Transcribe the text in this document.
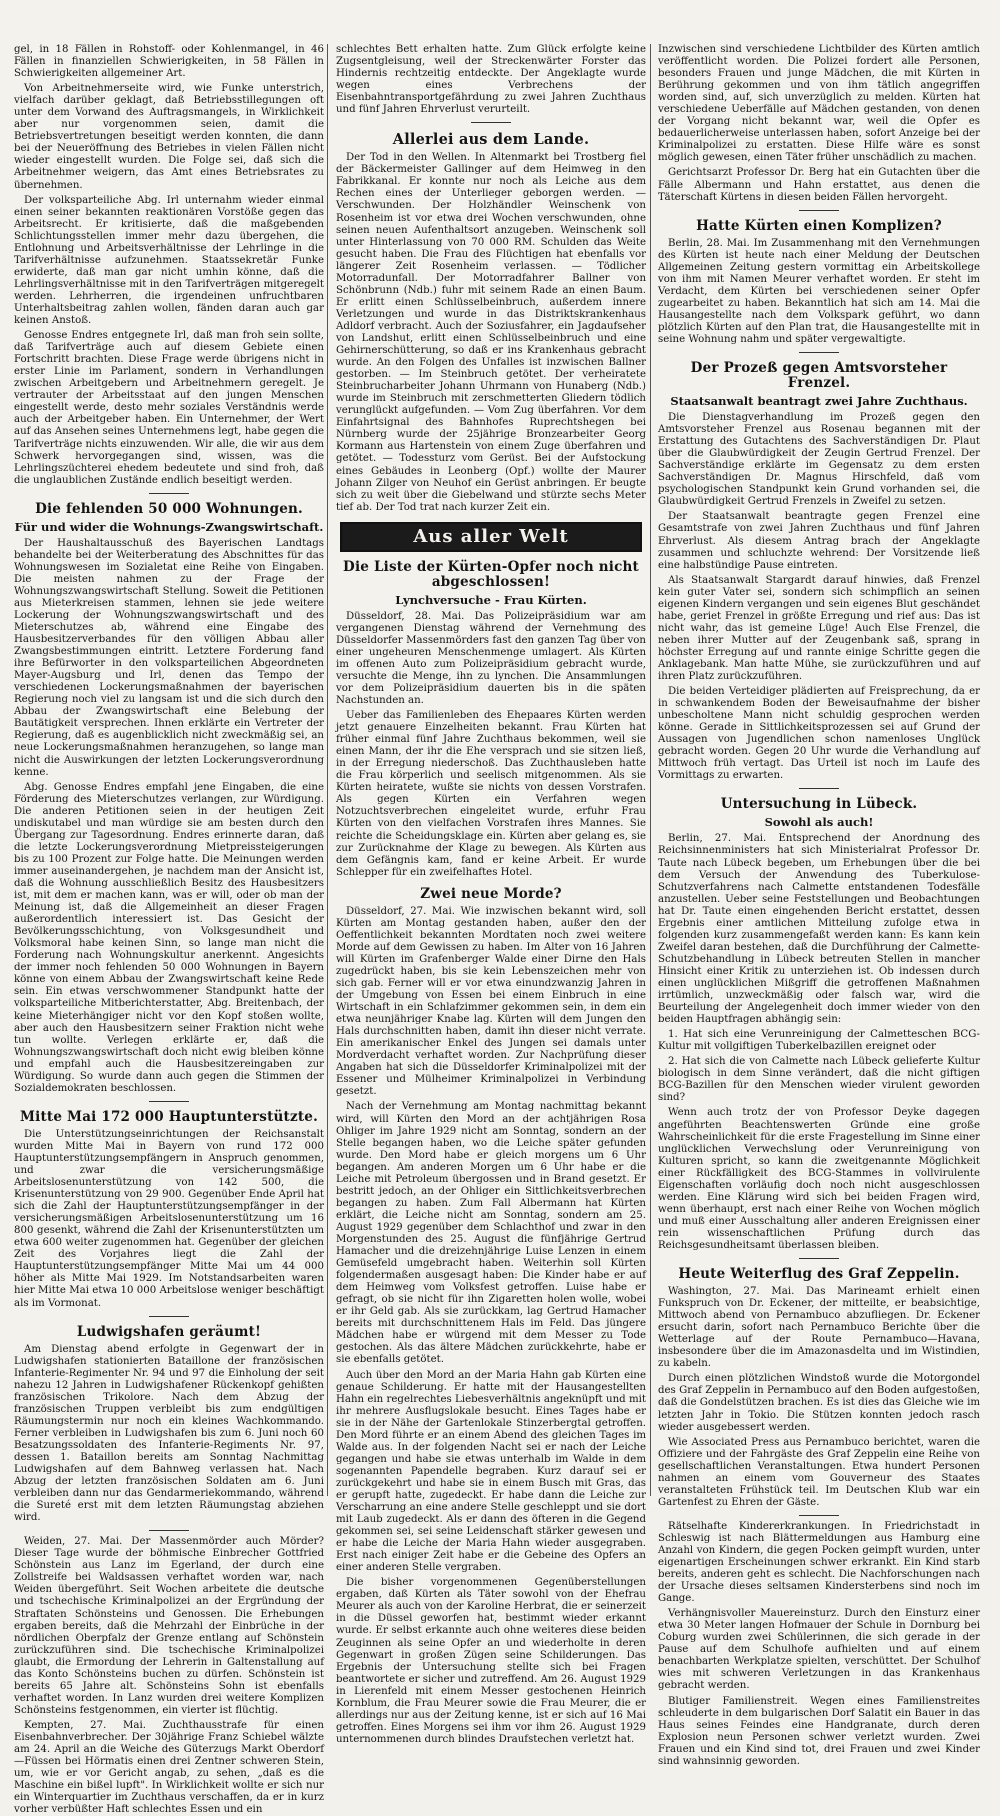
gel, in 18 Fällen in Rohstoff- oder Kohlenmangel, in 46 Fällen in finanziellen Schwierigkeiten, in 58 Fällen in Schwierigkeiten allgemeiner Art.

Von Arbeitnehmerseite wird, wie Funke unterstrich, vielfach darüber geklagt, daß Betriebsstillegungen oft unter dem Vorwand des Auftragsmangels, in Wirklichkeit aber nur vorgenommen seien, damit die Betriebsvertretungen beseitigt werden konnten, die dann bei der Neueröffnung des Betriebes in vielen Fällen nicht wieder eingestellt wurden. Die Folge sei, daß sich die Arbeitnehmer weigern, das Amt eines Betriebsrates zu übernehmen.

Der volksparteiliche Abg. Irl unternahm wieder einmal einen seiner bekannten reaktionären Vorstöße gegen das Arbeitsrecht. Er kritisierte, daß die maßgebenden Schlichtungsstellen immer mehr dazu übergehen, die Entlohnung und Arbeitsverhältnisse der Lehrlinge in die Tarifverhältnisse aufzunehmen. Staatssekretär Funke erwiderte, daß man gar nicht umhin könne, daß die Lehrlingsverhältnisse mit in den Tarifverträgen mitgeregelt werden. Lehrherren, die irgendeinen unfruchtbaren Unterhaltsbeitrag zahlen wollen, fänden daran auch gar keinen Anstoß.

Genosse Endres entgegnete Irl, daß man froh sein sollte, daß Tarifverträge auch auf diesem Gebiete einen Fortschritt brachten. Diese Frage werde übrigens nicht in erster Linie im Parlament, sondern in Verhandlungen zwischen Arbeitgebern und Arbeitnehmern geregelt. Je vertrauter der Arbeitsstaat auf den jungen Menschen eingestellt werde, desto mehr soziales Verständnis werde auch der Arbeitgeber haben. Ein Unternehmer, der Wert auf das Ansehen seines Unternehmens legt, habe gegen die Tarifverträge nichts einzuwenden. Wir alle, die wir aus dem Schwerk hervorgegangen sind, wissen, was die Lehrlingszüchterei ehedem bedeutete und sind froh, daß die unglaublichen Zustände endlich beseitigt werden.

Die fehlenden 50 000 Wohnungen.
Für und wider die Wohnungs-Zwangswirtschaft.

Der Haushaltausschuß des Bayerischen Landtags behandelte bei der Weiterberatung des Abschnittes für das Wohnungswesen im Sozialetat eine Reihe von Eingaben. Die meisten nahmen zu der Frage der Wohnungszwangswirtschaft Stellung. Soweit die Petitionen aus Mieterkreisen stammen, lehnen sie jede weitere Lockerung der Wohnungszwangswirtschaft und des Mieterschutzes ab, während eine Eingabe des Hausbesitzerverbandes für den völligen Abbau aller Zwangsbestimmungen eintritt. Letztere Forderung fand ihre Befürworter in den volksparteilichen Abgeordneten Mayer-Augsburg und Irl, denen das Tempo der verschiedenen Lockerungsmaßnahmen der bayerischen Regierung noch viel zu langsam ist und die sich durch den Abbau der Zwangswirtschaft eine Belebung der Bautätigkeit versprechen. Ihnen erklärte ein Vertreter der Regierung, daß es augenblicklich nicht zweckmäßig sei, an neue Lockerungsmaßnahmen heranzugehen, so lange man nicht die Auswirkungen der letzten Lockerungsverordnung kenne.

Abg. Genosse Endres empfahl jene Eingaben, die eine Förderung des Mieterschutzes verlangen, zur Würdigung. Die anderen Petitionen seien in der heutigen Zeit undiskutabel und man würdige sie am besten durch den Übergang zur Tagesordnung. Endres erinnerte daran, daß die letzte Lockerungsverordnung Mietpreissteigerungen bis zu 100 Prozent zur Folge hatte. Die Meinungen werden immer auseinandergehen, je nachdem man der Ansicht ist, daß die Wohnung ausschließlich Besitz des Hausbesitzers ist, mit dem er machen kann, was er will, oder ob man der Meinung ist, daß die Allgemeinheit an dieser Fragen außerordentlich interessiert ist. Das Gesicht der Bevölkerungsschichtung, von Volksgesundheit und Volksmoral habe keinen Sinn, so lange man nicht die Forderung nach Wohnungskultur anerkennt. Angesichts der immer noch fehlenden 50 000 Wohnungen in Bayern könne von einem Abbau der Zwangswirtschaft keine Rede sein. Ein etwas verschwommener Standpunkt hatte der volksparteiliche Mitberichterstatter, Abg. Breitenbach, der keine Mieterhängiger nicht vor den Kopf stoßen wollte, aber auch den Hausbesitzern seiner Fraktion nicht wehe tun wollte. Verlegen erklärte er, daß die Wohnungszwangswirtschaft doch nicht ewig bleiben könne und empfahl auch die Hausbesitzereingaben zur Würdigung. So wurde dann auch gegen die Stimmen der Sozialdemokraten beschlossen.

Mitte Mai 172 000 Hauptunterstützte.

Die Unterstützungseinrichtungen der Reichsanstalt wurden Mitte Mai in Bayern von rund 172 000 Hauptunterstützungsempfängern in Anspruch genommen, und zwar die versicherungsmäßige Arbeitslosenunterstützung von 142 500, die Krisenunterstützung von 29 900. Gegenüber Ende April hat sich die Zahl der Hauptunterstützungsempfänger in der versicherungsmäßigen Arbeitslosenunterstützung um 16 800 gesenkt, während die Zahl der Krisenunterstützten um etwa 600 weiter zugenommen hat. Gegenüber der gleichen Zeit des Vorjahres liegt die Zahl der Hauptunterstützungsempfänger Mitte Mai um 44 000 höher als Mitte Mai 1929. Im Notstandsarbeiten waren hier Mitte Mai etwa 10 000 Arbeitslose weniger beschäftigt als im Vormonat.

Ludwigshafen geräumt!

Am Dienstag abend erfolgte in Gegenwart der in Ludwigshafen stationierten Bataillone der französischen Infanterie-Regimenter Nr. 94 und 97 die Einholung der seit nahezu 12 Jahren in Ludwigshafener Rückenkopf gehißten französischen Trikolore. Nach dem Abzug der französischen Truppen verbleibt bis zum endgültigen Räumungstermin nur noch ein kleines Wachkommando. Ferner verbleiben in Ludwigshafen bis zum 6. Juni noch 60 Besatzungssoldaten des Infanterie-Regiments Nr. 97, dessen 1. Bataillon bereits am Sonntag Nachmittag Ludwigshafen auf dem Bahnweg verlassen hat. Nach Abzug der letzten französischen Soldaten am 6. Juni verbleiben dann nur das Gendarmeriekommando, während die Sureté erst mit dem letzten Räumungstag abziehen wird.

Weiden, 27. Mai. Der Massenmörder auch Mörder? Dieser Tage wurde der böhmische Einbrecher Gottfried Schönstein aus Lanz im Egerland, der durch eine Zollstreife bei Waldsassen verhaftet worden war, nach Weiden übergeführt. Seit Wochen arbeitete die deutsche und tschechische Kriminalpolizei an der Ergründung der Straftaten Schönsteins und Genossen. Die Erhebungen ergaben bereits, daß die Mehrzahl der Einbrüche in der nördlichen Oberpfalz der Grenze entlang auf Schönstein zurückzuführen sind. Die tschechische Kriminalpolizei glaubt, die Ermordung der Lehrerin in Galtenstallung auf das Konto Schönsteins buchen zu dürfen. Schönstein ist bereits 65 Jahre alt. Schönsteins Sohn ist ebenfalls verhaftet worden. In Lanz wurden drei weitere Komplizen Schönsteins festgenommen, ein vierter ist flüchtig.

Kempten, 27. Mai. Zuchthausstrafe für einen Eisenbahnverbrecher. Der 30jährige Franz Schiebel wälzte am 24. April an die Weiche des Güterzugs Markt Oberdorf—Füssen bei Hörmatis einen drei Zentner schweren Stein, um, wie er vor Gericht angab, zu sehen, „daß es die Maschine ein bißel lupft". In Wirklichkeit wollte er sich nur ein Winterquartier im Zuchthaus verschaffen, da er in kurz vorher verbüßter Haft schlechtes Essen und ein

schlechtes Bett erhalten hatte. Zum Glück erfolgte keine Zugsentgleisung, weil der Streckenwärter Forster das Hindernis rechtzeitig entdeckte. Der Angeklagte wurde wegen eines Verbrechens der Eisenbahntransportgefährdung zu zwei Jahren Zuchthaus und fünf Jahren Ehrverlust verurteilt.

Allerlei aus dem Lande.

Der Tod in den Wellen. In Altenmarkt bei Trostberg fiel der Bäckermeister Gallinger auf dem Heimweg in den Fabrikkanal. Er konnte nur noch als Leiche aus dem Rechen eines der Unterlieger geborgen werden. — Verschwunden. Der Holzhändler Weinschenk von Rosenheim ist vor etwa drei Wochen verschwunden, ohne seinen neuen Aufenthaltsort anzugeben. Weinschenk soll unter Hinterlassung von 70 000 RM. Schulden das Weite gesucht haben. Die Frau des Flüchtigen hat ebenfalls vor längerer Zeit Rosenheim verlassen. — Tödlicher Motorradunfall. Der Motorradfahrer Ballner von Schönbrunn (Ndb.) fuhr mit seinem Rade an einen Baum. Er erlitt einen Schlüsselbeinbruch, außerdem innere Verletzungen und wurde in das Distriktskrankenhaus Adldorf verbracht. Auch der Soziusfahrer, ein Jagdaufseher von Landshut, erlitt einen Schlüsselbeinbruch und eine Gehirnerschütterung, so daß er ins Krankenhaus gebracht wurde. An den Folgen des Unfalles ist inzwischen Ballner gestorben. — Im Steinbruch getötet. Der verheiratete Steinbrucharbeiter Johann Uhrmann von Hunaberg (Ndb.) wurde im Steinbruch mit zerschmetterten Gliedern tödlich verunglückt aufgefunden. — Vom Zug überfahren. Vor dem Einfahrtsignal des Bahnhofes Ruprechtshegen bei Nürnberg wurde der 25jährige Bronzearbeiter Georg Kormann aus Hartenstein von einem Zuge überfahren und getötet. — Todessturz vom Gerüst. Bei der Aufstockung eines Gebäudes in Leonberg (Opf.) wollte der Maurer Johann Zilger von Neuhof ein Gerüst anbringen. Er beugte sich zu weit über die Giebelwand und stürzte sechs Meter tief ab. Der Tod trat nach kurzer Zeit ein.

Aus aller Welt
Die Liste der Kürten-Opfer noch nicht abgeschlossen!
Lynchversuche - Frau Kürten.

Düsseldorf, 28. Mai. Das Polizeipräsidium war am vergangenen Dienstag während der Vernehmung des Düsseldorfer Massenmörders fast den ganzen Tag über von einer ungeheuren Menschenmenge umlagert. Als Kürten im offenen Auto zum Polizeipräsidium gebracht wurde, versuchte die Menge, ihn zu lynchen. Die Ansammlungen vor dem Polizeipräsidium dauerten bis in die späten Nachstunden an.

Ueber das Familienleben des Ehepaares Kürten werden jetzt genauere Einzelheiten bekannt. Frau Kürten hat früher einmal fünf Jahre Zuchthaus bekommen, weil sie einen Mann, der ihr die Ehe versprach und sie sitzen ließ, in der Erregung niederschoß. Das Zuchthausleben hatte die Frau körperlich und seelisch mitgenommen. Als sie Kürten heiratete, wußte sie nichts von dessen Vorstrafen. Als gegen Kürten ein Verfahren wegen Notzuchtsverbrechen eingeleitet wurde, erfuhr Frau Kürten von den vielfachen Vorstrafen ihres Mannes. Sie reichte die Scheidungsklage ein. Kürten aber gelang es, sie zur Zurücknahme der Klage zu bewegen. Als Kürten aus dem Gefängnis kam, fand er keine Arbeit. Er wurde Schlepper für ein zweifelhaftes Hotel.

Zwei neue Morde?

Düsseldorf, 27. Mai. Wie inzwischen bekannt wird, soll Kürten am Montag gestanden haben, außer den der Oeffentlichkeit bekannten Mordtaten noch zwei weitere Morde auf dem Gewissen zu haben. Im Alter von 16 Jahren will Kürten im Grafenberger Walde einer Dirne den Hals zugedrückt haben, bis sie kein Lebenszeichen mehr von sich gab. Ferner will er vor etwa einundzwanzig Jahren in der Umgebung von Essen bei einem Einbruch in eine Wirtschaft in ein Schlafzimmer gekommen sein, in dem ein etwa neunjähriger Knabe lag. Kürten will dem Jungen den Hals durchschnitten haben, damit ihn dieser nicht verrate. Ein amerikanischer Enkel des Jungen sei damals unter Mordverdacht verhaftet worden. Zur Nachprüfung dieser Angaben hat sich die Düsseldorfer Kriminalpolizei mit der Essener und Mülheimer Kriminalpolizei in Verbindung gesetzt.

Nach der Vernehmung am Montag nachmittag bekannt wird, will Kürten den Mord an der achtjährigen Rosa Ohliger im Jahre 1929 nicht am Sonntag, sondern an der Stelle begangen haben, wo die Leiche später gefunden wurde. Den Mord habe er gleich morgens um 6 Uhr begangen. Am anderen Morgen um 6 Uhr habe er die Leiche mit Petroleum übergossen und in Brand gesetzt. Er bestritt jedoch, an der Ohliger ein Sittlichkeitsverbrechen begangen zu haben. Zum Fall Albermann hat Kürten erklärt, die Leiche nicht am Sonntag, sondern am 25. August 1929 gegenüber dem Schlachthof und zwar in den Morgenstunden des 25. August die fünfjährige Gertrud Hamacher und die dreizehnjährige Luise Lenzen in einem Gemüsefeld umgebracht haben. Weiterhin soll Kürten folgendermaßen ausgesagt haben: Die Kinder habe er auf dem Heimweg vom Volksfest getroffen. Luise habe er gefragt, ob sie nicht für ihn Zigaretten holen wolle, wobei er ihr Geld gab. Als sie zurückkam, lag Gertrud Hamacher bereits mit durchschnittenem Hals im Feld. Das jüngere Mädchen habe er würgend mit dem Messer zu Tode gestochen. Als das ältere Mädchen zurückkehrte, habe er sie ebenfalls getötet.

Auch über den Mord an der Maria Hahn gab Kürten eine genaue Schilderung. Er hatte mit der Hausangestellten Hahn ein regelrechtes Liebesverhältnis angeknüpft und mit ihr mehrere Ausflugslokale besucht. Eines Tages habe er sie in der Nähe der Gartenlokale Stinzerbergtal getroffen. Den Mord führte er an einem Abend des gleichen Tages im Walde aus. In der folgenden Nacht sei er nach der Leiche gegangen und habe sie etwas unterhalb im Walde in dem sogenannten Papendelle begraben. Kurz darauf sei er zurückgekehrt und habe sie in einem Busch mit Gras, das er gerupft hatte, zugedeckt. Er habe dann die Leiche zur Verscharrung an eine andere Stelle geschleppt und sie dort mit Laub zugedeckt. Als er dann des öfteren in die Gegend gekommen sei, sei seine Leidenschaft stärker gewesen und er habe die Leiche der Maria Hahn wieder ausgegraben. Erst nach einiger Zeit habe er die Gebeine des Opfers an einer anderen Stelle vergraben.

Die bisher vorgenommenen Gegenüberstellungen ergaben, daß Kürten als Täter sowohl von der Ehefrau Meurer als auch von der Karoline Herbrat, die er seinerzeit in die Düssel geworfen hat, bestimmt wieder erkannt wurde. Er selbst erkannte auch ohne weiteres diese beiden Zeuginnen als seine Opfer an und wiederholte in deren Gegenwart in großen Zügen seine Schilderungen. Das Ergebnis der Untersuchung stellte sich bei Fragen beantwortete er sicher und zutreffend. Am 26. August 1929 in Lierenfeld mit einem Messer gestochenen Heinrich Kornblum, die Frau Meurer sowie die Frau Meurer, die er allerdings nur aus der Zeitung kenne, ist er sich auf 16 Mai getroffen. Eines Morgens sei ihm vor ihm 26. August 1929 unternommenen durch blindes Draufstechen verletzt hat.

Inzwischen sind verschiedene Lichtbilder des Kürten amtlich veröffentlicht worden. Die Polizei fordert alle Personen, besonders Frauen und junge Mädchen, die mit Kürten in Berührung gekommen und von ihm tätlich angegriffen worden sind, auf, sich unverzüglich zu melden. Kürten hat verschiedene Ueberfälle auf Mädchen gestanden, von denen der Vorgang nicht bekannt war, weil die Opfer es bedauerlicherweise unterlassen haben, sofort Anzeige bei der Kriminalpolizei zu erstatten. Diese Hilfe wäre es sonst möglich gewesen, einen Täter früher unschädlich zu machen.

Gerichtsarzt Professor Dr. Berg hat ein Gutachten über die Fälle Albermann und Hahn erstattet, aus denen die Täterschaft Kürtens in diesen beiden Fällen hervorgeht.

Hatte Kürten einen Komplizen?

Berlin, 28. Mai. Im Zusammenhang mit den Vernehmungen des Kürten ist heute nach einer Meldung der Deutschen Allgemeinen Zeitung gestern vormittag ein Arbeitskollege von ihm mit Namen Meurer verhaftet worden. Er steht im Verdacht, dem Kürten bei verschiedenen seiner Opfer zugearbeitet zu haben. Bekanntlich hat sich am 14. Mai die Hausangestellte nach dem Volkspark geführt, wo dann plötzlich Kürten auf den Plan trat, die Hausangestellte mit in seine Wohnung nahm und später vergewaltigte.

Der Prozeß gegen Amtsvorsteher Frenzel.
Staatsanwalt beantragt zwei Jahre Zuchthaus.

Die Dienstagverhandlung im Prozeß gegen den Amtsvorsteher Frenzel aus Rosenau begannen mit der Erstattung des Gutachtens des Sachverständigen Dr. Plaut über die Glaubwürdigkeit der Zeugin Gertrud Frenzel. Der Sachverständige erklärte im Gegensatz zu dem ersten Sachverständigen Dr. Magnus Hirschfeld, daß vom psychologischen Standpunkt kein Grund vorhanden sei, die Glaubwürdigkeit Gertrud Frenzels in Zweifel zu setzen.

Der Staatsanwalt beantragte gegen Frenzel eine Gesamtstrafe von zwei Jahren Zuchthaus und fünf Jahren Ehrverlust. Als diesem Antrag brach der Angeklagte zusammen und schluchzte wehrend: Der Vorsitzende ließ eine halbstündige Pause eintreten.

Als Staatsanwalt Stargardt darauf hinwies, daß Frenzel kein guter Vater sei, sondern sich schimpflich an seinen eigenen Kindern vergangen und sein eigenes Blut geschändet habe, geriet Frenzel in größte Erregung und rief aus: Das ist nicht wahr, das ist gemeine Lüge! Auch Else Frenzel, die neben ihrer Mutter auf der Zeugenbank saß, sprang in höchster Erregung auf und rannte einige Schritte gegen die Anklagebank. Man hatte Mühe, sie zurückzuführen und auf ihren Platz zurückzuführen.

Die beiden Verteidiger plädierten auf Freisprechung, da er in schwankendem Boden der Beweisaufnahme der bisher unbescholtene Mann nicht schuldig gesprochen werden könne. Gerade in Sittlichkeitsprozessen sei auf Grund der Aussagen von Jugendlichen schon namenloses Unglück gebracht worden. Gegen 20 Uhr wurde die Verhandlung auf Mittwoch früh vertagt. Das Urteil ist noch im Laufe des Vormittags zu erwarten.

Untersuchung in Lübeck.
Sowohl als auch!

Berlin, 27. Mai. Entsprechend der Anordnung des Reichsinnenministers hat sich Ministerialrat Professor Dr. Taute nach Lübeck begeben, um Erhebungen über die bei dem Versuch der Anwendung des Tuberkulose-Schutzverfahrens nach Calmette entstandenen Todesfälle anzustellen. Ueber seine Feststellungen und Beobachtungen hat Dr. Taute einen eingehenden Bericht erstattet, dessen Ergebnis einer amtlichen Mitteilung zufolge etwa in folgenden kurz zusammengefaßt werden kann: Es kann kein Zweifel daran bestehen, daß die Durchführung der Calmette-Schutzbehandlung in Lübeck betreuten Stellen in mancher Hinsicht einer Kritik zu unterziehen ist. Ob indessen durch einen unglücklichen Mißgriff die getroffenen Maßnahmen irrtümlich, unzweckmäßig oder falsch war, wird die Beurteilung der Angelegenheit doch immer wieder von den beiden Hauptfragen abhängig sein:

1. Hat sich eine Verunreinigung der Calmetteschen BCG-Kultur mit vollgiftigen Tuberkelbazillen ereignet oder

2. Hat sich die von Calmette nach Lübeck gelieferte Kultur biologisch in dem Sinne verändert, daß die nicht giftigen BCG-Bazillen für den Menschen wieder virulent geworden sind?

Wenn auch trotz der von Professor Deyke dagegen angeführten Beachtenswerten Gründe eine große Wahrscheinlichkeit für die erste Fragestellung im Sinne einer unglücklichen Verwechslung oder Verunreinigung von Kulturen spricht, so kann die zweitgenannte Möglichkeit einer Rückfälligkeit des BCG-Stammes in vollvirulente Eigenschaften vorläufig doch noch nicht ausgeschlossen werden. Eine Klärung wird sich bei beiden Fragen wird, wenn überhaupt, erst nach einer Reihe von Wochen möglich und muß einer Ausschaltung aller anderen Ereignissen einer rein wissenschaftlichen Prüfung durch das Reichsgesundheitsamt überlassen bleiben.

Heute Weiterflug des Graf Zeppelin.

Washington, 27. Mai. Das Marineamt erhielt einen Funkspruch von Dr. Eckener, der mitteilte, er beabsichtige, Mittwoch abend von Pernambuco abzufliegen. Dr. Eckener ersucht darin, sofort nach Pernambuco Berichte über die Wetterlage auf der Route Pernambuco—Havana, insbesondere über die im Amazonasdelta und im Wistindien, zu kabeln.

Durch einen plötzlichen Windstoß wurde die Motorgondel des Graf Zeppelin in Pernambuco auf den Boden aufgestoßen, daß die Gondelstützen brachen. Es ist dies das Gleiche wie im letzten Jahr in Tokio. Die Stützen konnten jedoch rasch wieder ausgebessert werden.

Wie Associated Press aus Pernambuco berichtet, waren die Offiziere und der Fahrgäste des Graf Zeppelin eine Reihe von gesellschaftlichen Veranstaltungen. Etwa hundert Personen nahmen an einem vom Gouverneur des Staates veranstalteten Frühstück teil. Im Deutschen Klub war ein Gartenfest zu Ehren der Gäste.

Rätselhafte Kindererkrankungen. In Friedrichstadt in Schleswig ist nach Blättermeldungen aus Hamburg eine Anzahl von Kindern, die gegen Pocken geimpft wurden, unter eigenartigen Erscheinungen schwer erkrankt. Ein Kind starb bereits, anderen geht es schlecht. Die Nachforschungen nach der Ursache dieses seltsamen Kindersterbens sind noch im Gange.

Verhängnisvoller Mauereinsturz. Durch den Einsturz einer etwa 30 Meter langen Hofmauer der Schule in Dornburg bei Coburg wurden zwei Schülerinnen, die sich gerade in der Pause auf dem Schulhofe aufhielten und auf einem benachbarten Werkplatze spielten, verschüttet. Der Schulhof wies mit schweren Verletzungen in das Krankenhaus gebracht werden.

Blutiger Familienstreit. Wegen eines Familienstreites schleuderte in dem bulgarischen Dorf Salatit ein Bauer in das Haus seines Feindes eine Handgranate, durch deren Explosion neun Personen schwer verletzt wurden. Zwei Frauen und ein Kind sind tot, drei Frauen und zwei Kinder sind wahnsinnig geworden.
